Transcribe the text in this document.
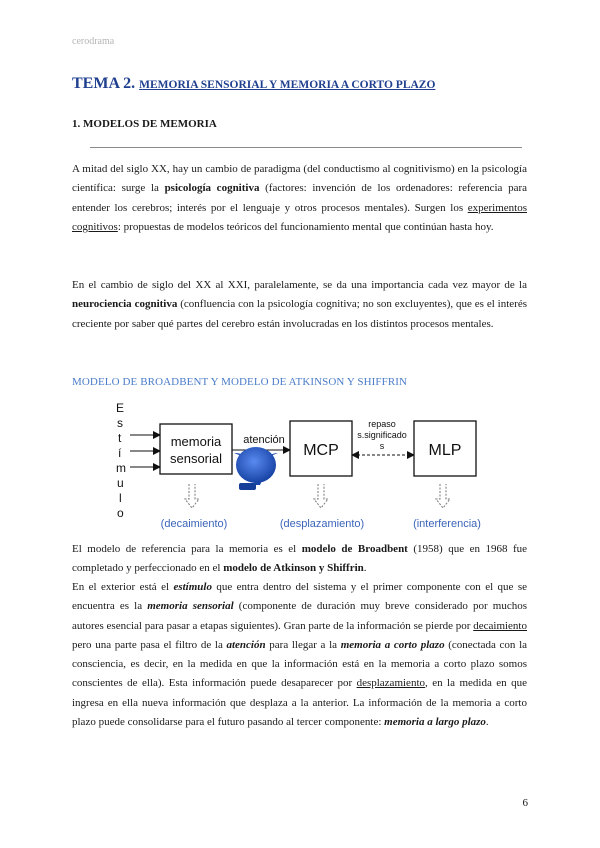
cerodrama
TEMA 2. MEMORIA SENSORIAL Y MEMORIA A CORTO PLAZO
1. MODELOS DE MEMORIA

A mitad del siglo XX, hay un cambio de paradigma (del conductismo al cognitivismo) en la psicología científica: surge la psicología cognitiva (factores: invención de los ordenadores: referencia para entender los cerebros; interés por el lenguaje y otros procesos mentales). Surgen los experimentos cognitivos: propuestas de modelos teóricos del funcionamiento mental que continúan hasta hoy.

En el cambio de siglo del XX al XXI, paralelamente, se da una importancia cada vez mayor de la neurociencia cognitiva (confluencia con la psicología cognitiva; no son excluyentes), que es el interés creciente por saber qué partes del cerebro están involucradas en los distintos procesos mentales.

MODELO DE BROADBENT Y MODELO DE ATKINSON Y SHIFFRIN
E
s
t
í
m
u
l
o
memoria
sensorial
atención
MCP
repaso
s.significado
s	MLP
(decaimiento)	(desplazamiento)	(interferencia)

El modelo de referencia para la memoria es el modelo de Broadbent (1958) que en 1968 fue completado y perfeccionado en el modelo de Atkinson y Shiffrin.

En el exterior está el estímulo que entra dentro del sistema y el primer componente con el que se encuentra es la memoria sensorial (componente de duración muy breve considerado por muchos autores esencial para pasar a etapas siguientes). Gran parte de la información se pierde por decaimiento pero una parte pasa el filtro de la atención para llegar a la memoria a corto plazo (conectada con la consciencia, es decir, en la medida en que la información está en la memoria a corto plazo somos conscientes de ella). Esta información puede desaparecer por desplazamiento, en la medida en que ingresa en ella nueva información que desplaza a la anterior. La información de la memoria a corto plazo puede consolidarse para el futuro pasando al tercer componente: memoria a largo plazo.

6
